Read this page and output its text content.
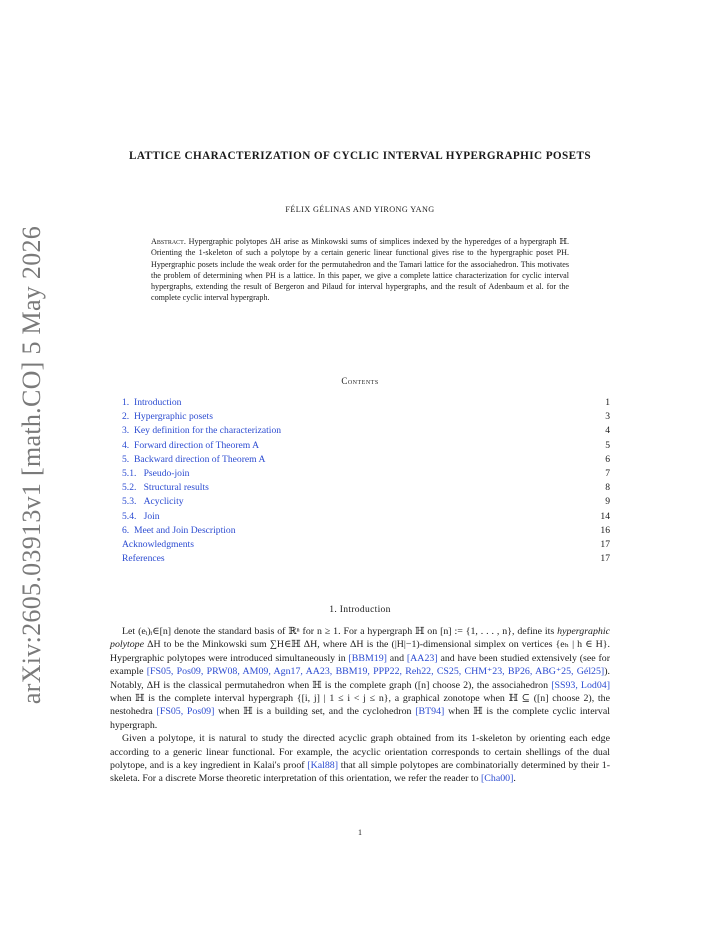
arXiv:2605.03913v1 [math.CO] 5 May 2026
LATTICE CHARACTERIZATION OF CYCLIC INTERVAL HYPERGRAPHIC POSETS
FÉLIX GÉLINAS AND YIRONG YANG
Abstract. Hypergraphic polytopes ΔH arise as Minkowski sums of simplices indexed by the hyperedges of a hypergraph ℍ. Orienting the 1-skeleton of such a polytope by a certain generic linear functional gives rise to the hypergraphic poset PH. Hypergraphic posets include the weak order for the permutahedron and the Tamari lattice for the associahedron. This motivates the problem of determining when PH is a lattice. In this paper, we give a complete lattice characterization for cyclic interval hypergraphs, extending the result of Bergeron and Pilaud for interval hypergraphs, and the result of Adenbaum et al. for the complete cyclic interval hypergraph.
Contents
1. Introduction	1
2. Hypergraphic posets	3
3. Key definition for the characterization	4
4. Forward direction of Theorem A	5
5. Backward direction of Theorem A	6
5.1. Pseudo-join	7
5.2. Structural results	8
5.3. Acyclicity	9
5.4. Join	14
6. Meet and Join Description	16
Acknowledgments	17
References	17
1. Introduction

Let (eᵢ)ᵢ∈[n] denote the standard basis of ℝⁿ for n ≥ 1. For a hypergraph ℍ on [n] := {1, . . . , n}, define its hypergraphic polytope ΔH to be the Minkowski sum ∑H∈ℍ ΔH, where ΔH is the (|H|−1)-dimensional simplex on vertices {eₕ | h ∈ H}. Hypergraphic polytopes were introduced simultaneously in [BBM19] and [AA23] and have been studied extensively (see for example [FS05, Pos09, PRW08, AM09, Agn17, AA23, BBM19, PPP22, Reh22, CS25, CHM⁺23, BP26, ABG⁺25, Gél25]). Notably, ΔH is the classical permutahedron when ℍ is the complete graph ([n] choose 2), the associahedron [SS93, Lod04] when ℍ is the complete interval hypergraph {[i, j] | 1 ≤ i < j ≤ n}, a graphical zonotope when ℍ ⊆ ([n] choose 2), the nestohedra [FS05, Pos09] when ℍ is a building set, and the cyclohedron [BT94] when ℍ is the complete cyclic interval hypergraph.

Given a polytope, it is natural to study the directed acyclic graph obtained from its 1-skeleton by orienting each edge according to a generic linear functional. For example, the acyclic orientation corresponds to certain shellings of the dual polytope, and is a key ingredient in Kalai's proof [Kal88] that all simple polytopes are combinatorially determined by their 1-skeleta. For a discrete Morse theoretic interpretation of this orientation, we refer the reader to [Cha00].

1
